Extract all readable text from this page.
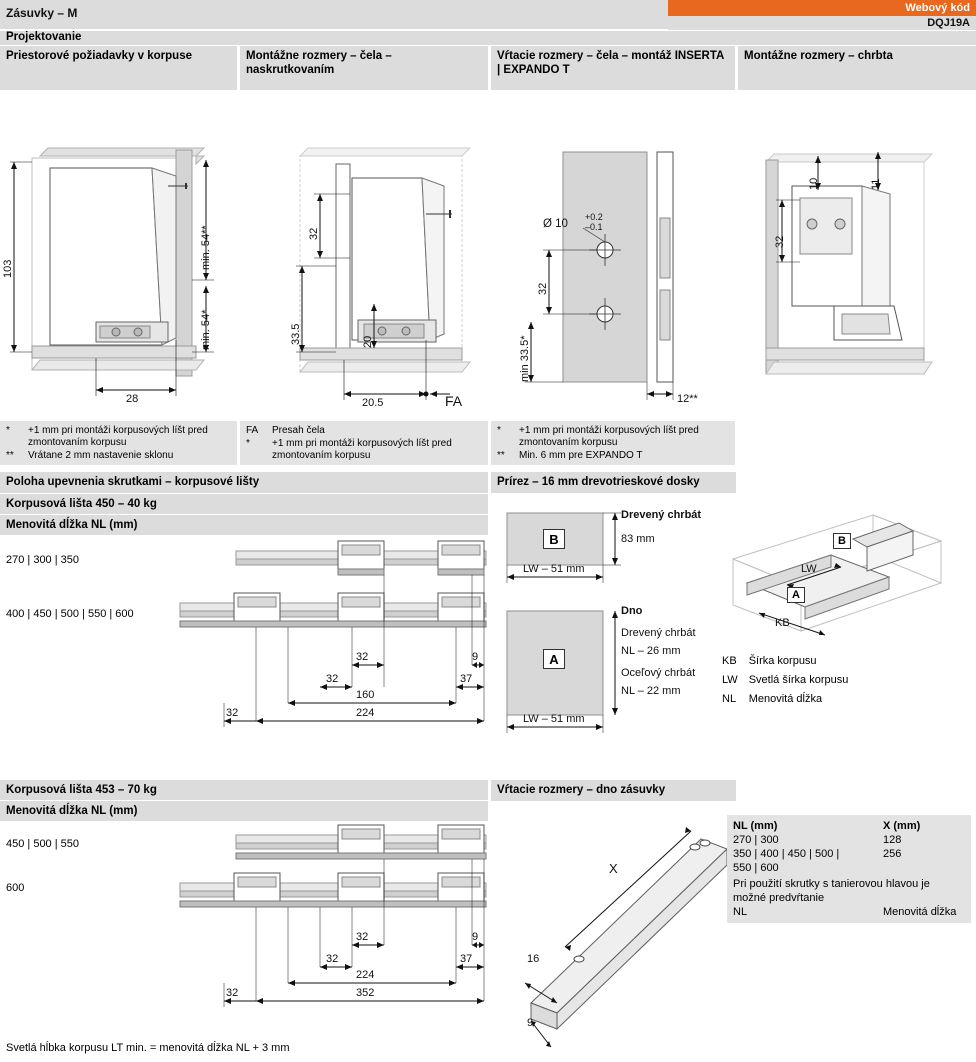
Zásuvky – M	Webový kód
DQJ19A
Projektovanie
Priestorové požiadavky v korpuse
103	min. 54**
min. 54*
28
*	+1 mm pri montáži korpusových líšt pred zmontovaním korpusu
**	Vrátane 2 mm nastavenie sklonu
Montážne rozmery – čela – naskrutkovaním
32
33.5	20
20.5	FA
FA	Presah čela
*	+1 mm pri montáži korpusových líšt pred zmontovaním korpusu
Vŕtacie rozmery – čela – montáž INSERTA | EXPANDO T
Ø 10
+0.2
–0.1
32
min 33.5*
12**
*	+1 mm pri montáži korpusových líšt pred zmontovaním korpusu
**	Min. 6 mm pre EXPANDO T
Montážne rozmery – chrbta
10	11
32
Poloha upevnenia skrutkami – korpusové lišty
Korpusová lišta 450 – 40 kg
Menovitá dĺžka NL (mm)
270 | 300 | 350
400 | 450 | 500 | 550 | 600
32	9
32	37
160
224
32
Prírez – 16 mm drevotrieskové dosky
B
Drevený chrbát
83 mm
LW – 51 mm
A
Dno
Drevený chrbát
NL – 26 mm
Oceľový chrbát
NL – 22 mm
LW – 51 mm
B
A
LW
KB
KB	Šírka korpusu
LW	Svetlá šírka korpusu
NL	Menovitá dĺžka
Korpusová lišta 453 – 70 kg
Menovitá dĺžka NL (mm)
450 | 500 | 550
600
32	9
32	37
224
352
32
Svetlá hĺbka korpusu LT min. = menovitá dĺžka NL + 3 mm
Vŕtacie rozmery – dno zásuvky
X
16
9
NL (mm)	X (mm)
270 | 300	128
350 | 400 | 450 | 500 |	256
550 | 600	
Pri použití skrutky s tanierovou hlavou je možné predvŕtanie	
NL	Menovitá dĺžka
